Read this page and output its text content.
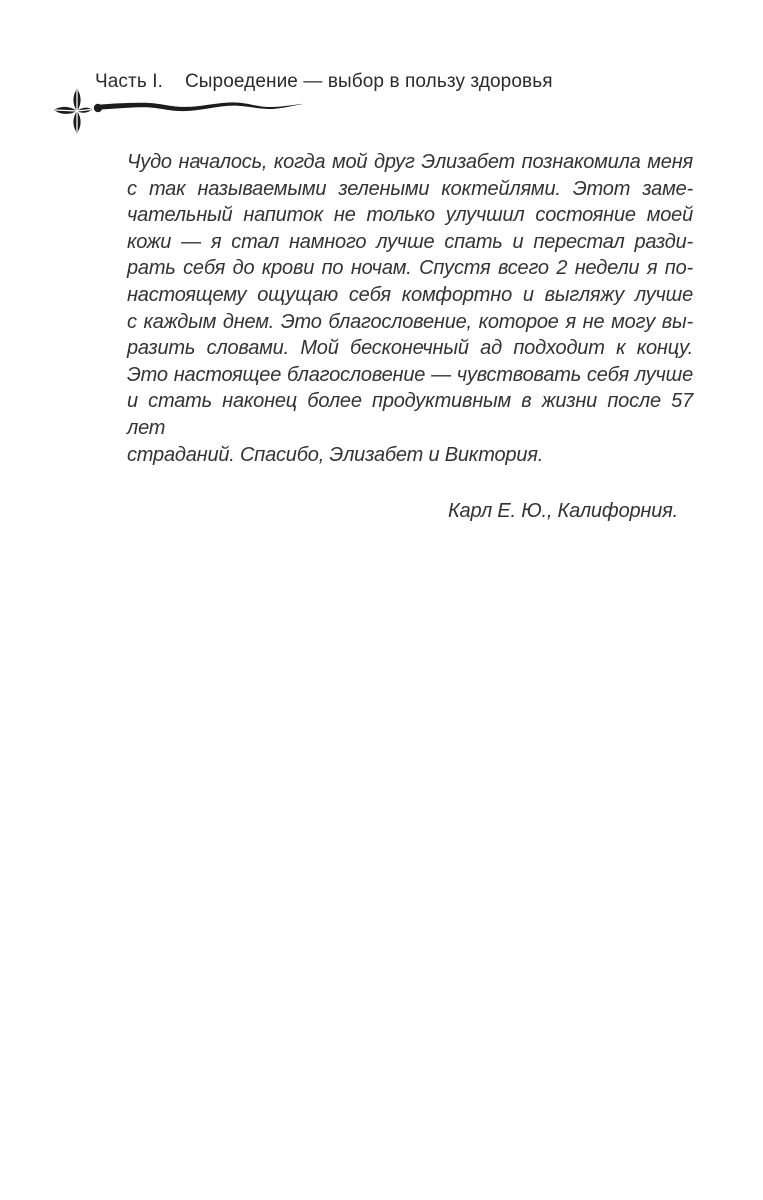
Часть I. Сыроедение — выбор в пользу здоровья
Чудо началось, когда мой друг Элизабет познакомила меня
с так называемыми зелеными коктейлями. Этот заме-
чательный напиток не только улучшил состояние моей
кожи — я стал намного лучше спать и перестал разди-
рать себя до крови по ночам. Спустя всего 2 недели я по-
настоящему ощущаю себя комфортно и выгляжу лучше
с каждым днем. Это благословение, которое я не могу вы-
разить словами. Мой бесконечный ад подходит к концу.
Это настоящее благословение — чувствовать себя лучше
и стать наконец более продуктивным в жизни после 57 лет
страданий. Спасибо, Элизабет и Виктория.
Карл Е. Ю., Калифорния.
